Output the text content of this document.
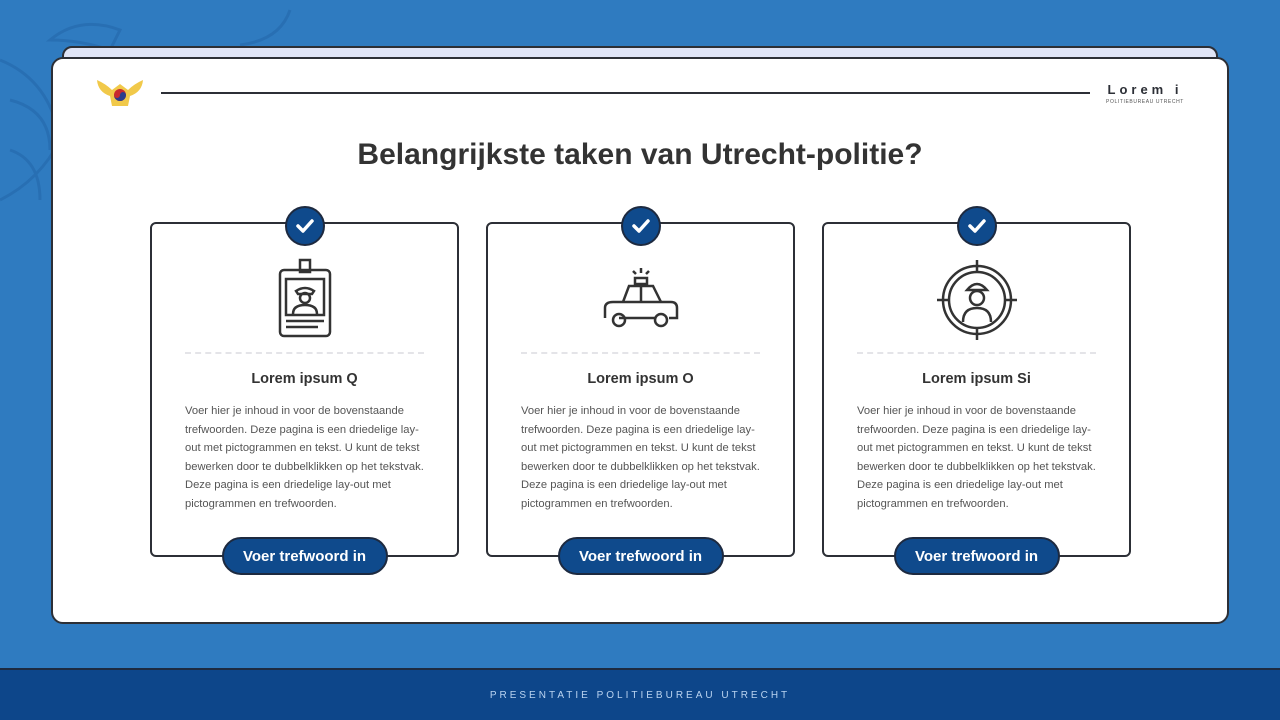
Lorem i
POLITIEBUREAU UTRECHT
Belangrijkste taken van Utrecht-politie?
Lorem ipsum Q
Voer hier je inhoud in voor de bovenstaande trefwoorden. Deze pagina is een driedelige lay-out met pictogrammen en tekst. U kunt de tekst bewerken door te dubbelklikken op het tekstvak. Deze pagina is een driedelige lay-out met pictogrammen en trefwoorden.
Voer trefwoord in
Lorem ipsum O
Voer hier je inhoud in voor de bovenstaande trefwoorden. Deze pagina is een driedelige lay-out met pictogrammen en tekst. U kunt de tekst bewerken door te dubbelklikken op het tekstvak. Deze pagina is een driedelige lay-out met pictogrammen en trefwoorden.
Voer trefwoord in
Lorem ipsum Si
Voer hier je inhoud in voor de bovenstaande trefwoorden. Deze pagina is een driedelige lay-out met pictogrammen en tekst. U kunt de tekst bewerken door te dubbelklikken op het tekstvak. Deze pagina is een driedelige lay-out met pictogrammen en trefwoorden.
Voer trefwoord in
PRESENTATIE POLITIEBUREAU UTRECHT
